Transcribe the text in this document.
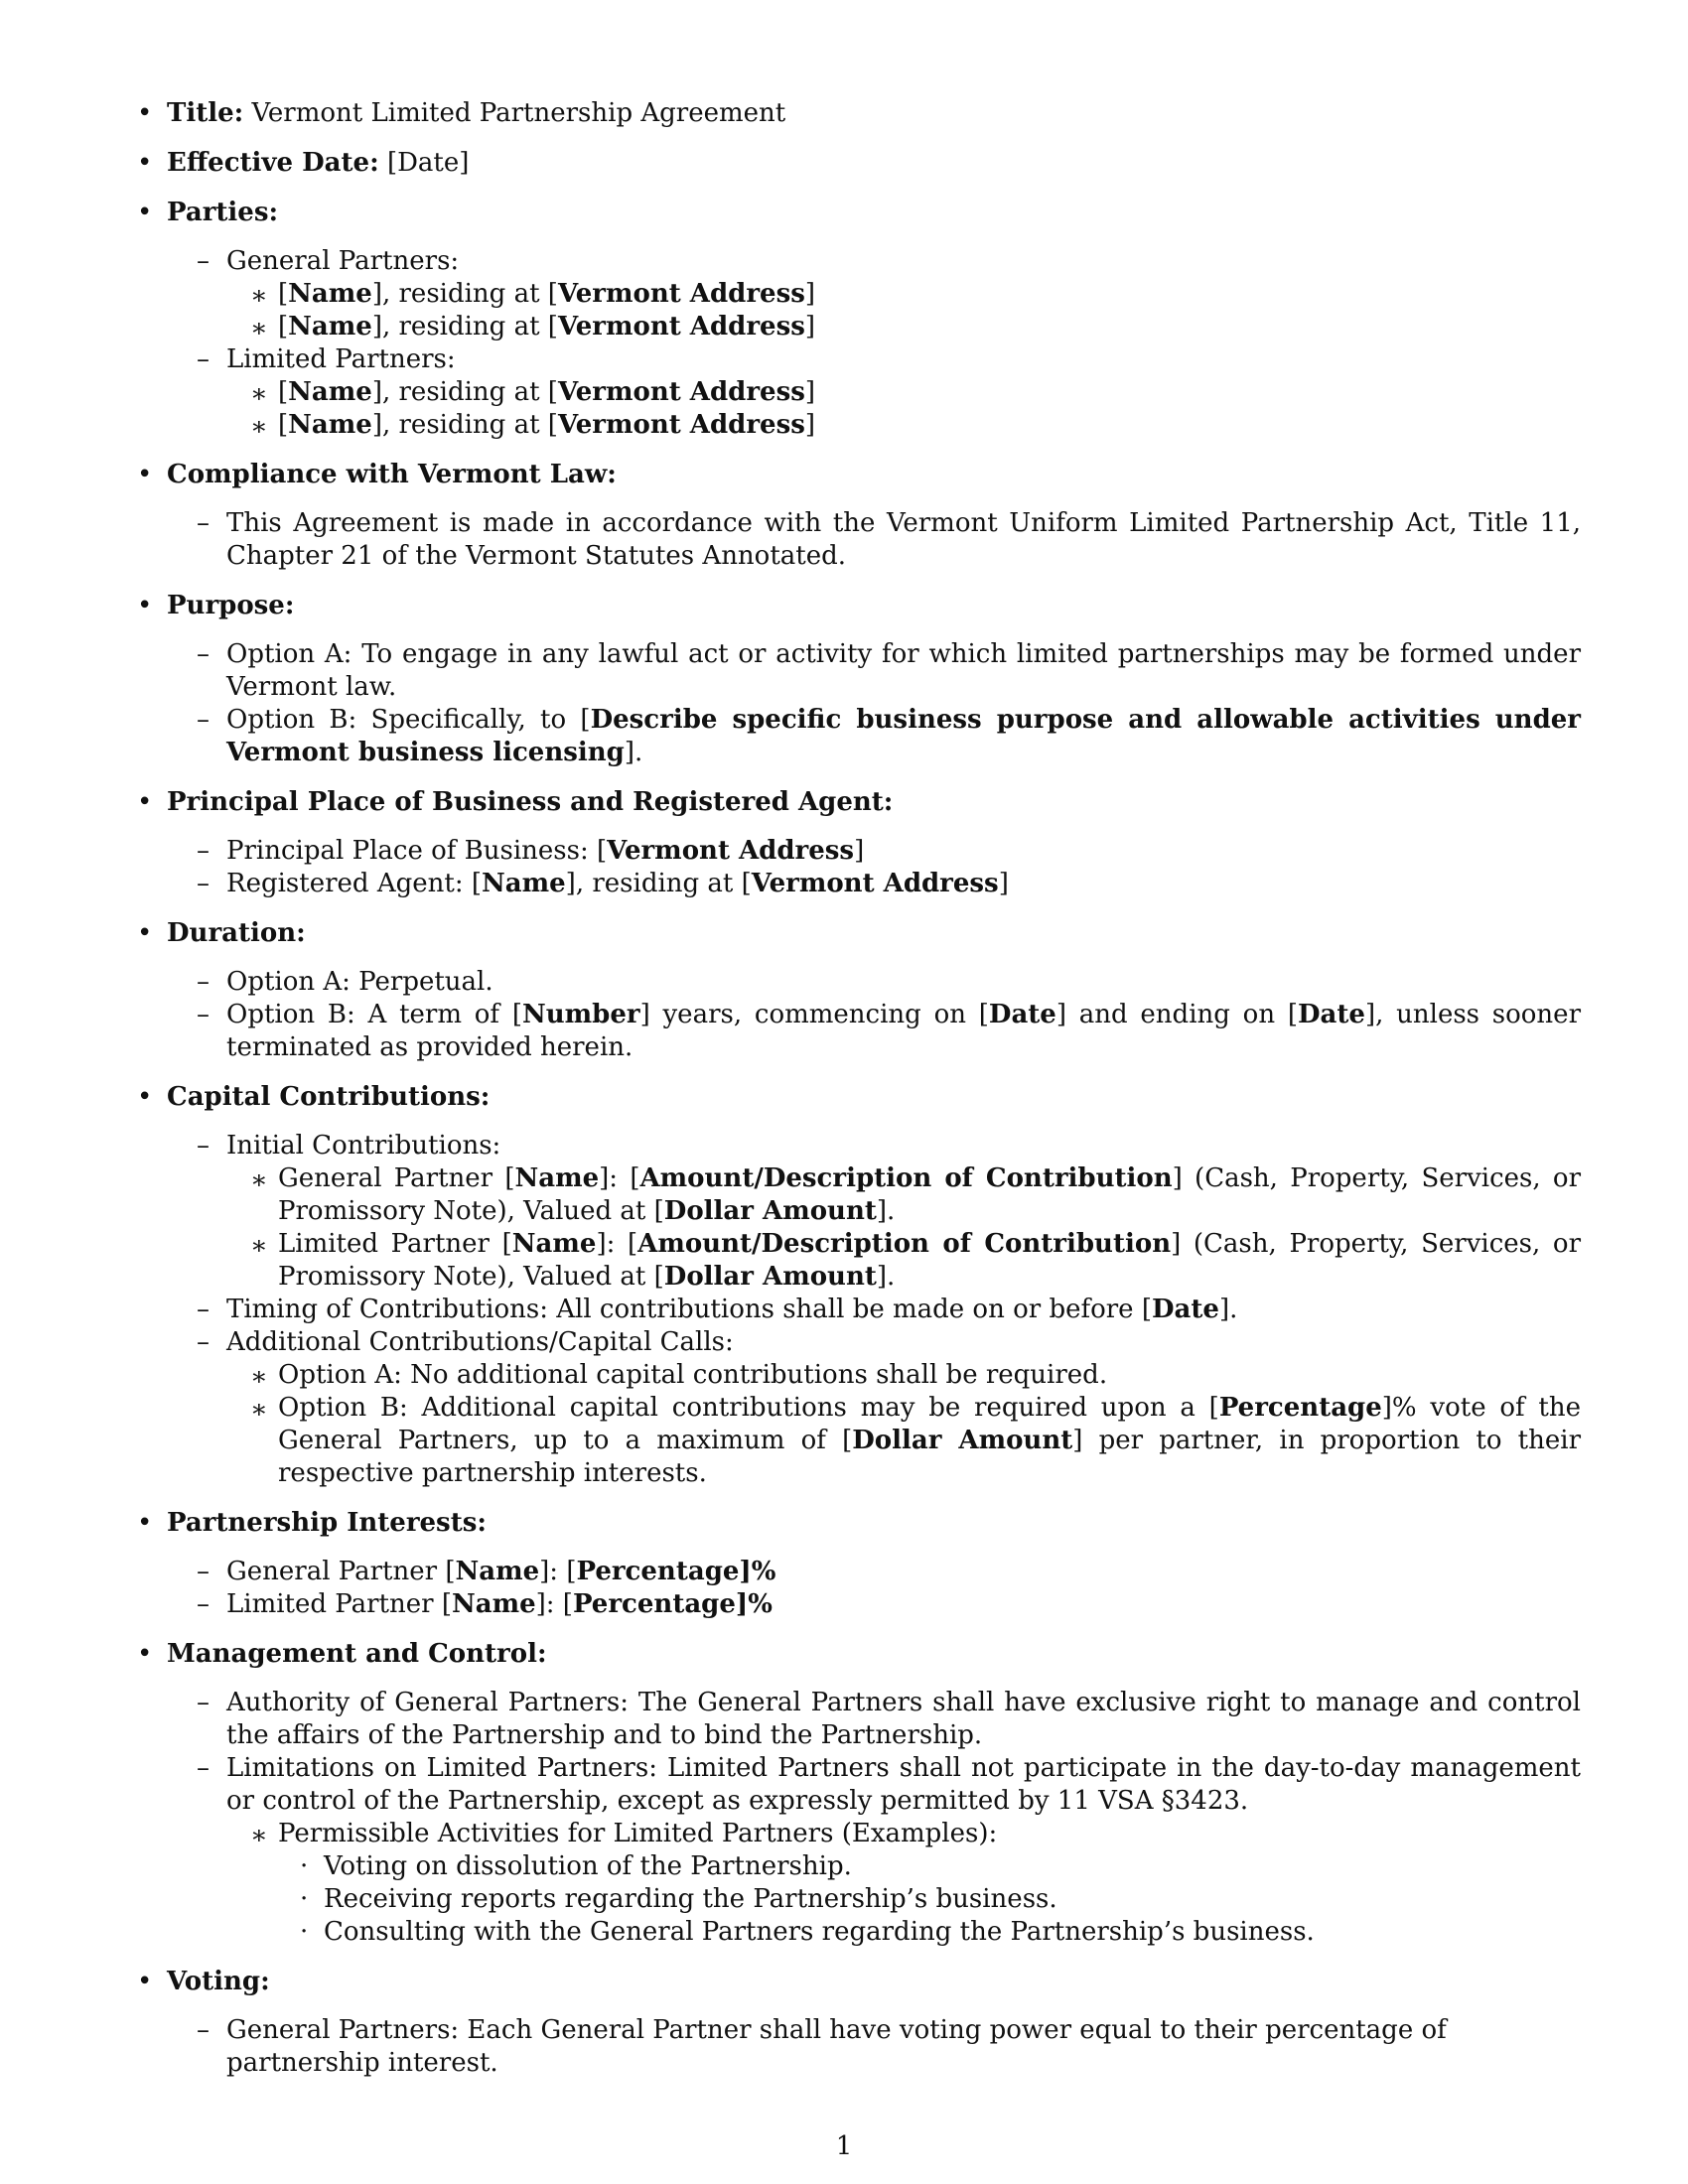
• Title: Vermont Limited Partnership Agreement
• Effective Date: [Date]
• Parties:
– General Partners:
∗ [Name], residing at [Vermont Address]
∗ [Name], residing at [Vermont Address]
– Limited Partners:
∗ [Name], residing at [Vermont Address]
∗ [Name], residing at [Vermont Address]
• Compliance with Vermont Law:
– This Agreement is made in accordance with the Vermont Uniform Limited Partnership Act, Title 11, Chapter 21 of the Vermont Statutes Annotated.
• Purpose:
– Option A: To engage in any lawful act or activity for which limited partnerships may be formed under Vermont law.
– Option B: Specifically, to [Describe specific business purpose and allowable activities under Vermont business licensing].
• Principal Place of Business and Registered Agent:
– Principal Place of Business: [Vermont Address]
– Registered Agent: [Name], residing at [Vermont Address]
• Duration:
– Option A: Perpetual.
– Option B: A term of [Number] years, commencing on [Date] and ending on [Date], unless sooner terminated as provided herein.
• Capital Contributions:
– Initial Contributions:
∗ General Partner [Name]: [Amount/Description of Contribution] (Cash, Property, Services, or Promissory Note), Valued at [Dollar Amount].
∗ Limited Partner [Name]: [Amount/Description of Contribution] (Cash, Property, Services, or Promissory Note), Valued at [Dollar Amount].
– Timing of Contributions: All contributions shall be made on or before [Date].
– Additional Contributions/Capital Calls:
∗ Option A: No additional capital contributions shall be required.
∗ Option B: Additional capital contributions may be required upon a [Percentage]% vote of the General Partners, up to a maximum of [Dollar Amount] per partner, in proportion to their respective partnership interests.
• Partnership Interests:
– General Partner [Name]: [Percentage]%
– Limited Partner [Name]: [Percentage]%
• Management and Control:
– Authority of General Partners: The General Partners shall have exclusive right to manage and control the affairs of the Partnership and to bind the Partnership.
– Limitations on Limited Partners: Limited Partners shall not participate in the day-to-day management or control of the Partnership, except as expressly permitted by 11 VSA §3423.
∗ Permissible Activities for Limited Partners (Examples):
· Voting on dissolution of the Partnership.
· Receiving reports regarding the Partnership’s business.
· Consulting with the General Partners regarding the Partnership’s business.
• Voting:
– General Partners: Each General Partner shall have voting power equal to their percentage of partnership interest.
1
